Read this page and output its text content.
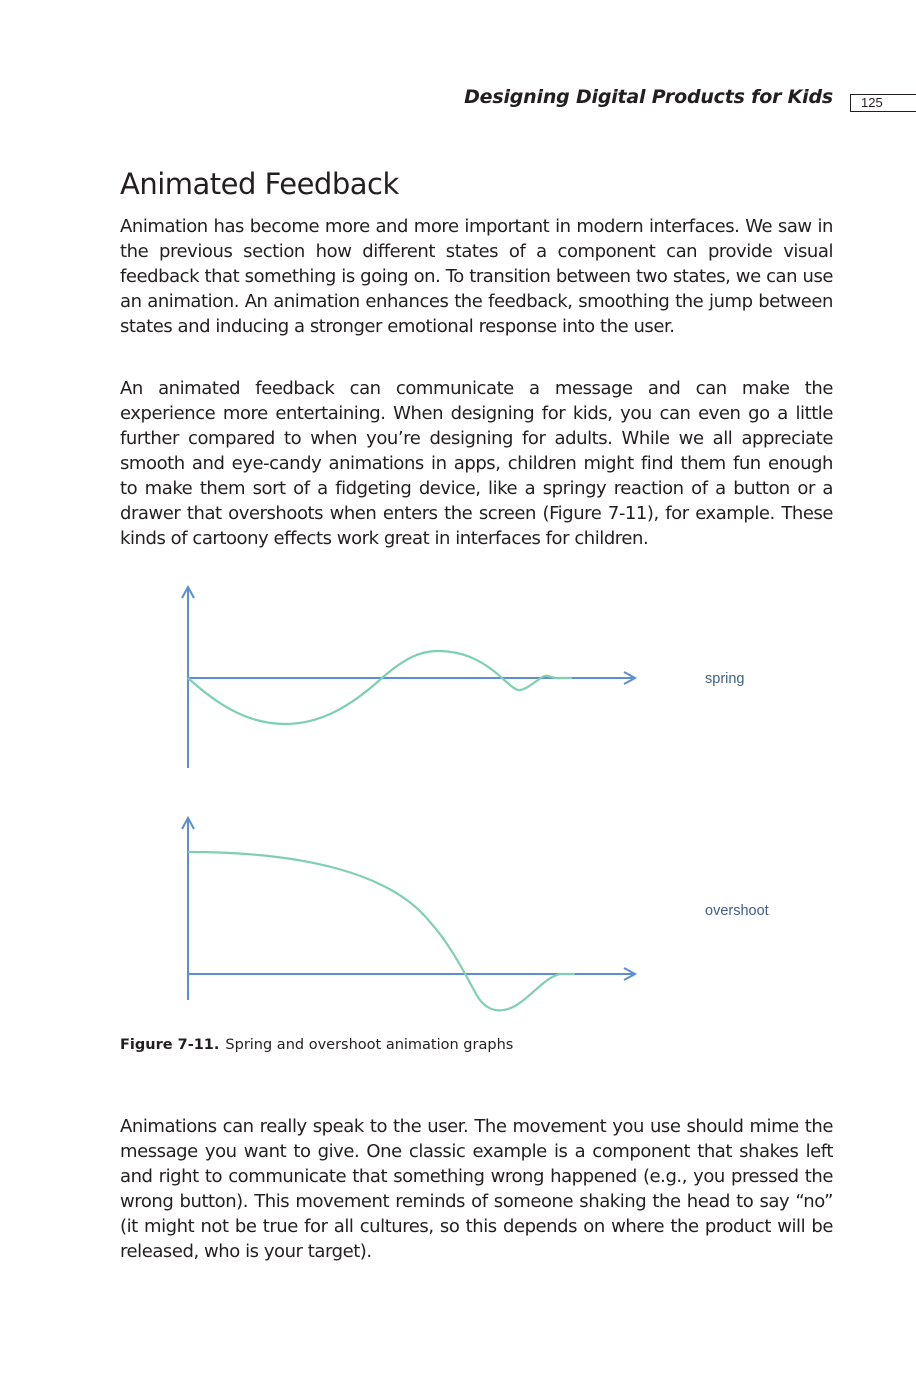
Designing Digital Products for Kids 125
Animated Feedback

Animation has become more and more important in modern interfaces. We saw in the previous section how different states of a component can provide visual feedback that something is going on. To transition between two states, we can use an animation. An animation enhances the feedback, smoothing the jump between states and inducing a stronger emotional response into the user.

An animated feedback can communicate a message and can make the experience more entertaining. When designing for kids, you can even go a little further compared to when you’re designing for adults. While we all appreciate smooth and eye-candy animations in apps, children might find them fun enough to make them sort of a fidgeting device, like a springy reaction of a button or a drawer that overshoots when enters the screen (Figure 7-11), for example. These kinds of cartoony effects work great in interfaces for children.

spring
overshoot

Figure 7-11. Spring and overshoot animation graphs

Animations can really speak to the user. The movement you use should mime the message you want to give. One classic example is a component that shakes left and right to communicate that something wrong happened (e.g., you pressed the wrong button). This movement reminds of someone shaking the head to say “no” (it might not be true for all cultures, so this depends on where the product will be released, who is your target).
